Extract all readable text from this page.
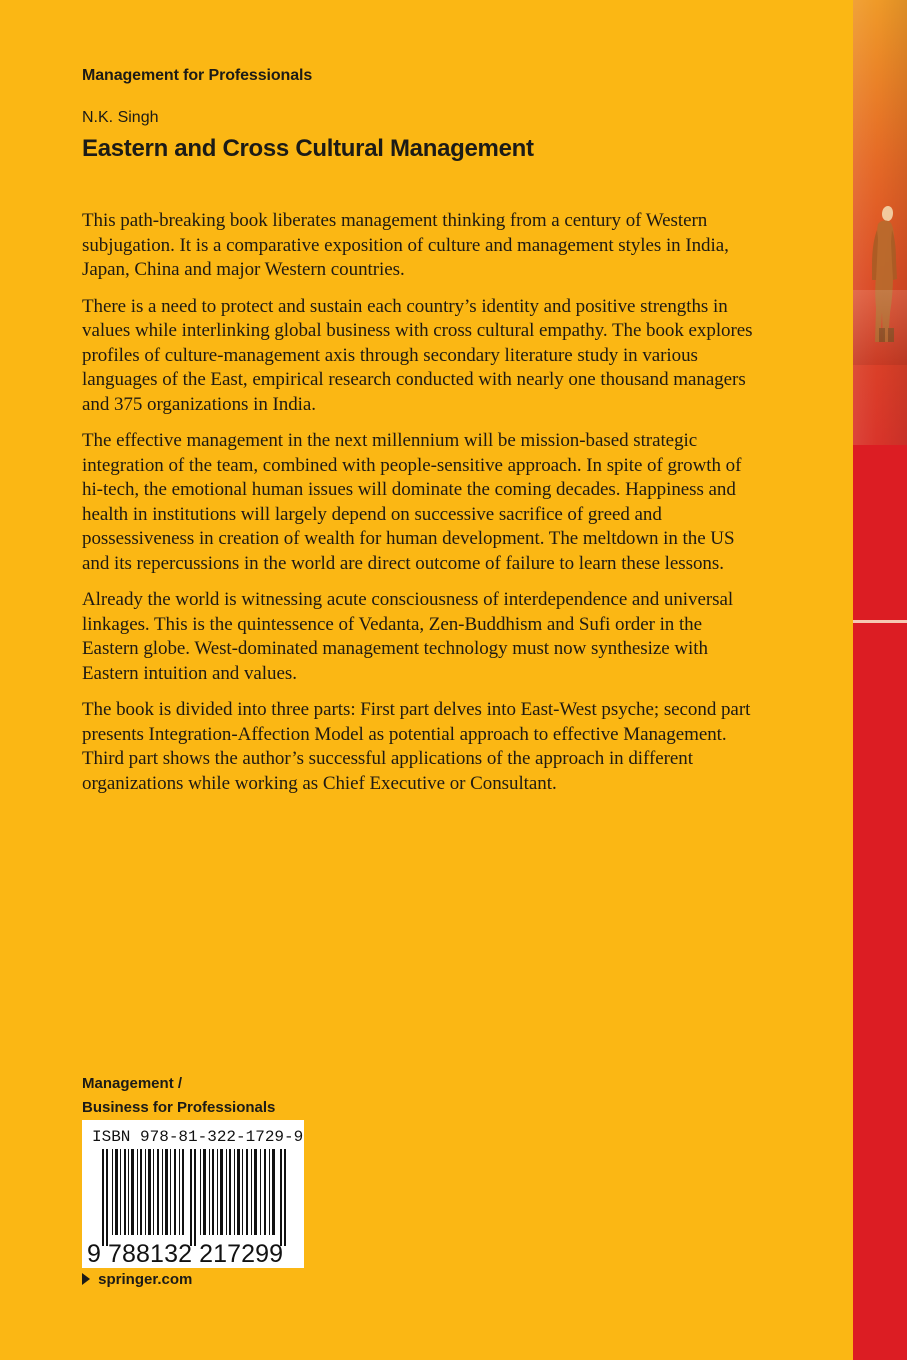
Management for Professionals
N.K. Singh
Eastern and Cross Cultural Management

This path-breaking book liberates management thinking from a century of Western subjugation. It is a comparative exposition of culture and management styles in India, Japan, China and major Western countries.

There is a need to protect and sustain each country’s identity and positive strengths in values while interlinking global business with cross cultural empathy. The book explores profiles of culture-management axis through secondary literature study in various languages of the East, empirical research conducted with nearly one thousand managers and 375 organizations in India.

The effective management in the next millennium will be mission-based strategic integration of the team, combined with people-sensitive approach. In spite of growth of hi-tech, the emotional human issues will dominate the coming decades. Happiness and health in institutions will largely depend on successive sacrifice of greed and possessiveness in creation of wealth for human development. The meltdown in the US and its repercussions in the world are direct outcome of failure to learn these lessons.

Already the world is witnessing acute consciousness of interdependence and universal linkages. This is the quintessence of Vedanta, Zen-Buddhism and Sufi order in the Eastern globe. West-dominated management technology must now synthesize with Eastern intuition and values.

The book is divided into three parts: First part delves into East-West psyche; second part presents Integration-Affection Model as potential approach to effective Management. Third part shows the author’s successful applications of the approach in different organizations while working as Chief Executive or Consultant.

Management /
Business for Professionals
ISBN 978-81-322-1729-9
9 788132 217299
springer.com
